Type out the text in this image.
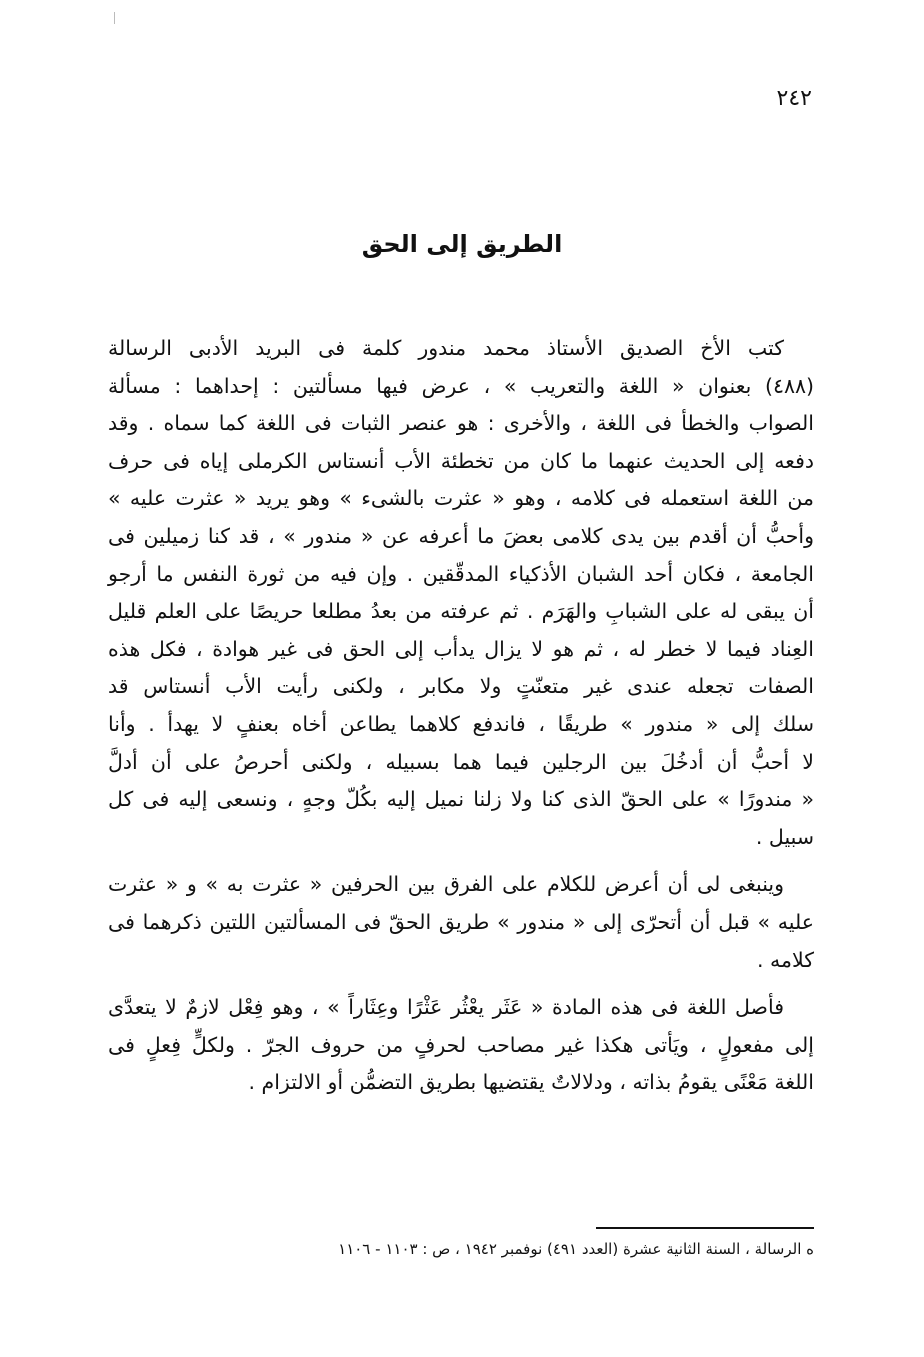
٢٤٢
الطريق إلى الحق
كتب الأخ الصديق الأستاذ محمد مندور كلمة فى البريد الأدبى الرسالة
(٤٨٨) بعنوان « اللغة والتعريب » ، عرض فيها مسألتين : إحداهما : مسألة
الصواب والخطأ فى اللغة ، والأخرى : هو عنصر الثبات فى اللغة كما سماه . وقد
دفعه إلى الحديث عنهما ما كان من تخطئة الأب أنستاس الكرملى إياه فى حرف
من اللغة استعمله فى كلامه ، وهو « عثرت بالشىء » وهو يريد « عثرت عليه »
وأحبُّ أن أقدم بين يدى كلامى بعضَ ما أعرفه عن « مندور » ، قد كنا زميلين فى
الجامعة ، فكان أحد الشبان الأذكياء المدقّقين . وإن فيه من ثورة النفس ما أرجو
أن يبقى له على الشبابِ والهَرَم . ثم عرفته من بعدُ مطلعا حريصًا على العلم قليل
العِناد فيما لا خطر له ، ثم هو لا يزال يدأب إلى الحق فى غير هوادة ، فكل هذه
الصفات تجعله عندى غير متعنّتٍ ولا مكابر ، ولكنى رأيت الأب أنستاس قد
سلك إلى « مندور » طريقًا ، فاندفع كلاهما يطاعن أخاه بعنفٍ لا يهدأ . وأنا
لا أحبُّ أن أدخُلَ بين الرجلين فيما هما بسبيله ، ولكنى أحرصُ على أن أدلَّ
« مندورًا » على الحقّ الذى كنا ولا زلنا نميل إليه بكُلّ وجهٍ ، ونسعى إليه فى كل
سبيل .
وينبغى لى أن أعرض للكلام على الفرق بين الحرفين « عثرت به » و « عثرت
عليه » قبل أن أتحرّى إلى « مندور » طريق الحقّ فى المسألتين اللتين ذكرهما فى
كلامه .
فأصل اللغة فى هذه المادة « عَثَر يعْثُر عَثْرًا وعِثَاراً » ، وهو فِعْل لازمٌ لا يتعدَّى
إلى مفعولٍ ، ويَأتى هكذا غير مصاحب لحرفٍ من حروف الجرّ . ولكلٍّ فِعلٍ فى
اللغة مَعْنًى يقومُ بذاته ، ودلالاتٌ يقتضيها بطريق التضمُّن أو الالتزام .
ه الرسالة ، السنة الثانية عشرة (العدد ٤٩١) نوفمبر ١٩٤٢ ، ص : ١١٠٣ - ١١٠٦
